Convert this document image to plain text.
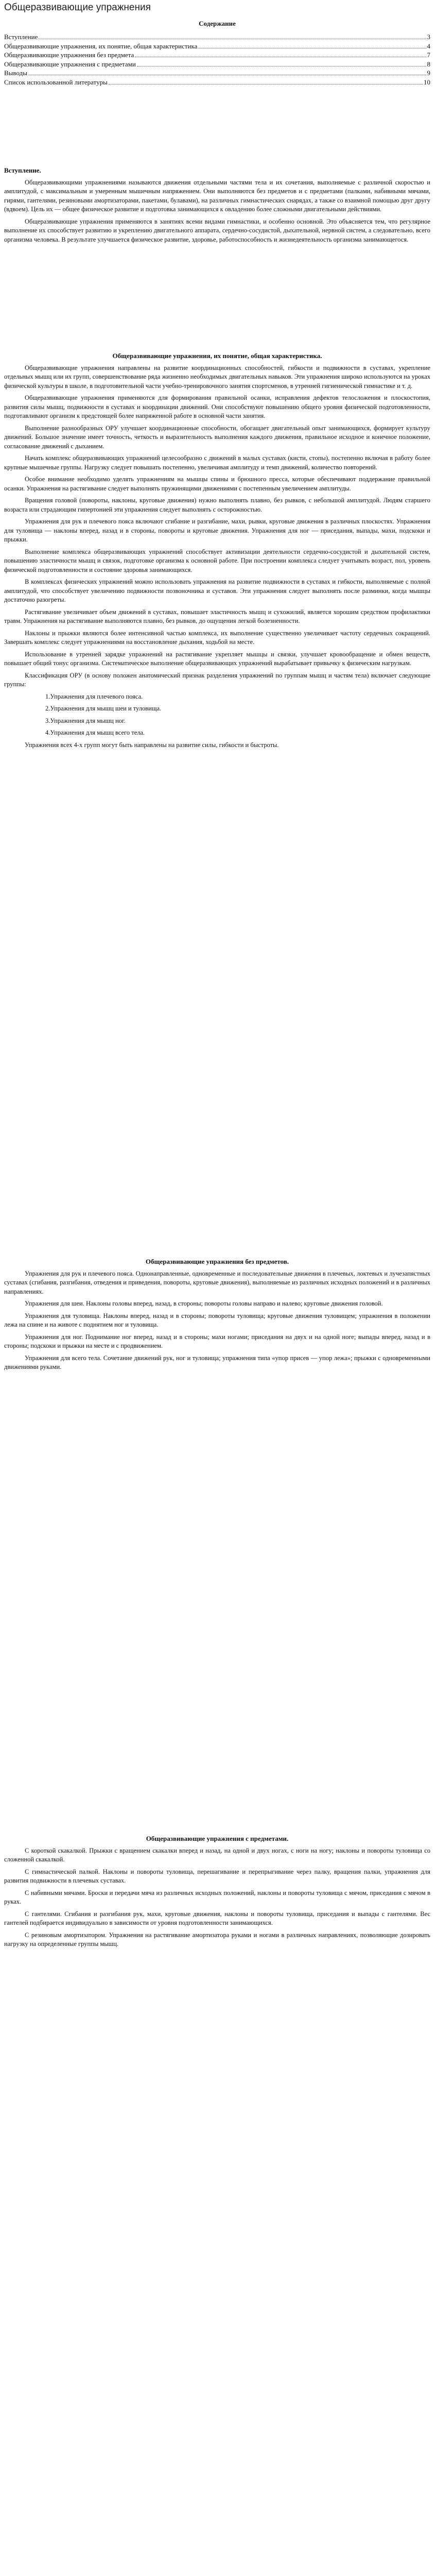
Общеразвивающие упражнения
Содержание
Вступление	3
Общеразвивающие упражнения, их понятие, общая характеристика	4
Общеразвивающие упражнения без предмета	7
Общеразвивающие упражнения с предметами	8
Выводы	9
Список использованной литературы	10
Вступление.

Общеразвивающими упражнениями называются движения отдельными частями тела и их сочетания, выполняемые с различной скоростью и амплитудой, с максимальным и умеренным мышечным напряжением. Они выполняются без предметов и с предметами (палками, набивными мячами, гирями, гантелями, резиновыми амортизаторами, пакетами, булавами), на различных гимнастических снарядах, а также со взаимной помощью друг другу (вдвоем). Цель их — общее физическое развитие и подготовка занимающихся к овладению более сложными двигательными действиями.

Общеразвивающие упражнения применяются в занятиях всеми видами гимнастики, и особенно основной. Это объясняется тем, что регулярное выполнение их способствует развитию и укреплению двигательного аппарата, сердечно-сосудистой, дыхательной, нервной систем, а следовательно, всего организма человека. В результате улучшается физическое развитие, здоровье, работоспособность и жизнедеятельность организма занимающегося.

Общеразвивающие упражнения, их понятие, общая характеристика.

Общеразвивающие упражнения направлены на развитие координационных способностей, гибкости и подвижности в суставах, укрепление отдельных мышц или их групп, совершенствование ряда жизненно необходимых двигательных навыков. Эти упражнения широко используются на уроках физической культуры в школе, в подготовительной части учебно-тренировочного занятия спортсменов, в утренней гигиенической гимнастике и т. д.

Общеразвивающие упражнения применяются для формирования правильной осанки, исправления дефектов телосложения и плоскостопия, развития силы мышц, подвижности в суставах и координации движений. Они способствуют повышению общего уровня физической подготовленности, подготавливают организм к предстоящей более напряженной работе в основной части занятия.

Выполнение разнообразных ОРУ улучшает координационные способности, обогащает двигательный опыт занимающихся, формирует культуру движений. Большое значение имеет точность, четкость и выразительность выполнения каждого движения, правильное исходное и конечное положение, согласование движений с дыханием.

Начать комплекс общеразвивающих упражнений целесообразно с движений в малых суставах (кисти, стопы), постепенно включая в работу более крупные мышечные группы. Нагрузку следует повышать постепенно, увеличивая амплитуду и темп движений, количество повторений.

Особое внимание необходимо уделять упражнениям на мышцы спины и брюшного пресса, которые обеспечивают поддержание правильной осанки. Упражнения на растягивание следует выполнять пружинящими движениями с постепенным увеличением амплитуды.

Вращения головой (повороты, наклоны, круговые движения) нужно выполнять плавно, без рывков, с небольшой амплитудой. Людям старшего возраста или страдающим гипертонией эти упражнения следует выполнять с осторожностью.

Упражнения для рук и плечевого пояса включают сгибание и разгибание, махи, рывки, круговые движения в различных плоскостях. Упражнения для туловища — наклоны вперед, назад и в стороны, повороты и круговые движения. Упражнения для ног — приседания, выпады, махи, подскоки и прыжки.

Выполнение комплекса общеразвивающих упражнений способствует активизации деятельности сердечно-сосудистой и дыхательной систем, повышению эластичности мышц и связок, подготовке организма к основной работе. При построении комплекса следует учитывать возраст, пол, уровень физической подготовленности и состояние здоровья занимающихся.

В комплексах физических упражнений можно использовать упражнения на развитие подвижности в суставах и гибкости, выполняемые с полной амплитудой, что способствует увеличению подвижности позвоночника и суставов. Эти упражнения следует выполнять после разминки, когда мышцы достаточно разогреты.

Растягивание увеличивает объем движений в суставах, повышает эластичность мышц и сухожилий, является хорошим средством профилактики травм. Упражнения на растягивание выполняются плавно, без рывков, до ощущения легкой болезненности.

Наклоны и прыжки являются более интенсивной частью комплекса, их выполнение существенно увеличивает частоту сердечных сокращений. Завершать комплекс следует упражнениями на восстановление дыхания, ходьбой на месте.

Использование в утренней зарядке упражнений на растягивание укрепляет мышцы и связки, улучшает кровообращение и обмен веществ, повышает общий тонус организма. Систематическое выполнение общеразвивающих упражнений вырабатывает привычку к физическим нагрузкам.

Классификация ОРУ (в основу положен анатомический признак разделения упражнений по группам мышц и частям тела) включает следующие группы:

1.Упражнения для плечевого пояса.

2.Упражнения для мышц шеи и туловища.

3.Упражнения для мышц ног.

4.Упражнения для мышц всего тела.

Упражнения всех 4-х групп могут быть направлены на развитие силы, гибкости и быстроты.

Общеразвивающие упражнения без предметов.

Упражнения для рук и плечевого пояса. Однонаправленные, одновременные и последовательные движения в плечевых, локтевых и лучезапястных суставах (сгибания, разгибания, отведения и приведения, повороты, круговые движения), выполняемые из различных исходных положений и в различных направлениях.

Упражнения для шеи. Наклоны головы вперед, назад, в стороны; повороты головы направо и налево; круговые движения головой.

Упражнения для туловища. Наклоны вперед, назад и в стороны; повороты туловища; круговые движения туловищем; упражнения в положении лежа на спине и на животе с поднятием ног и туловища.

Упражнения для ног. Поднимание ног вперед, назад и в стороны; махи ногами; приседания на двух и на одной ноге; выпады вперед, назад и в стороны; подскоки и прыжки на месте и с продвижением.

Упражнения для всего тела. Сочетание движений рук, ног и туловища; упражнения типа «упор присев — упор лежа»; прыжки с одновременными движениями руками.

Общеразвивающие упражнения с предметами.

С короткой скакалкой. Прыжки с вращением скакалки вперед и назад, на одной и двух ногах, с ноги на ногу; наклоны и повороты туловища со сложенной скакалкой.

С гимнастической палкой. Наклоны и повороты туловища, перешагивание и перепрыгивание через палку, вращения палки, упражнения для развития подвижности в плечевых суставах.

С набивными мячами. Броски и передачи мяча из различных исходных положений, наклоны и повороты туловища с мячом, приседания с мячом в руках.

С гантелями. Сгибания и разгибания рук, махи, круговые движения, наклоны и повороты туловища, приседания и выпады с гантелями. Вес гантелей подбирается индивидуально в зависимости от уровня подготовленности занимающихся.

С резиновым амортизатором. Упражнения на растягивание амортизатора руками и ногами в различных направлениях, позволяющие дозировать нагрузку на определенные группы мышц.
